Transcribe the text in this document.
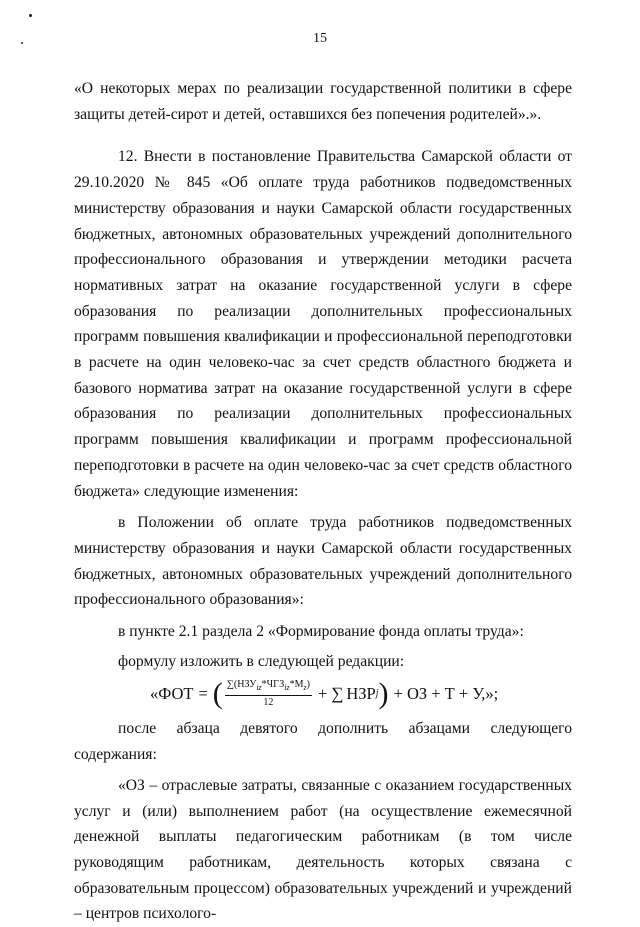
15

«О некоторых мерах по реализации государственной политики в сфере защиты детей-сирот и детей, оставшихся без попечения родителей».».

12. Внести в постановление Правительства Самарской области от 29.10.2020 № 845 «Об оплате труда работников подведомственных министерству образования и науки Самарской области государственных бюджетных, автономных образовательных учреждений дополнительного профессионального образования и утверждении методики расчета нормативных затрат на оказание государственной услуги в сфере образования по реализации дополнительных профессиональных программ повышения квалификации и профессиональной переподготовки в расчете на один человеко-час за счет средств областного бюджета и базового норматива затрат на оказание государственной услуги в сфере образования по реализации дополнительных профессиональных программ повышения квалификации и программ профессиональной переподготовки в расчете на один человеко-час за счет средств областного бюджета» следующие изменения:

в Положении об оплате труда работников подведомственных министерству образования и науки Самарской области государственных бюджетных, автономных образовательных учреждений дополнительного профессионального образования»:

в пункте 2.1 раздела 2 «Формирование фонда оплаты труда»:

формулу изложить в следующей редакции:

«ФОТ = ( $\frac{\sum(НЗУ_{iz}*ЧГЗ_{iz}*М_z)}{12}$ + ∑ НЗР j ) + ОЗ + Т + У,»;

после абзаца девятого дополнить абзацами следующего содержания:

«ОЗ – отраслевые затраты, связанные с оказанием государственных услуг и (или) выполнением работ (на осуществление ежемесячной денежной выплаты педагогическим работникам (в том числе руководящим работникам, деятельность которых связана с образовательным процессом) образовательных учреждений и учреждений – центров психолого-
